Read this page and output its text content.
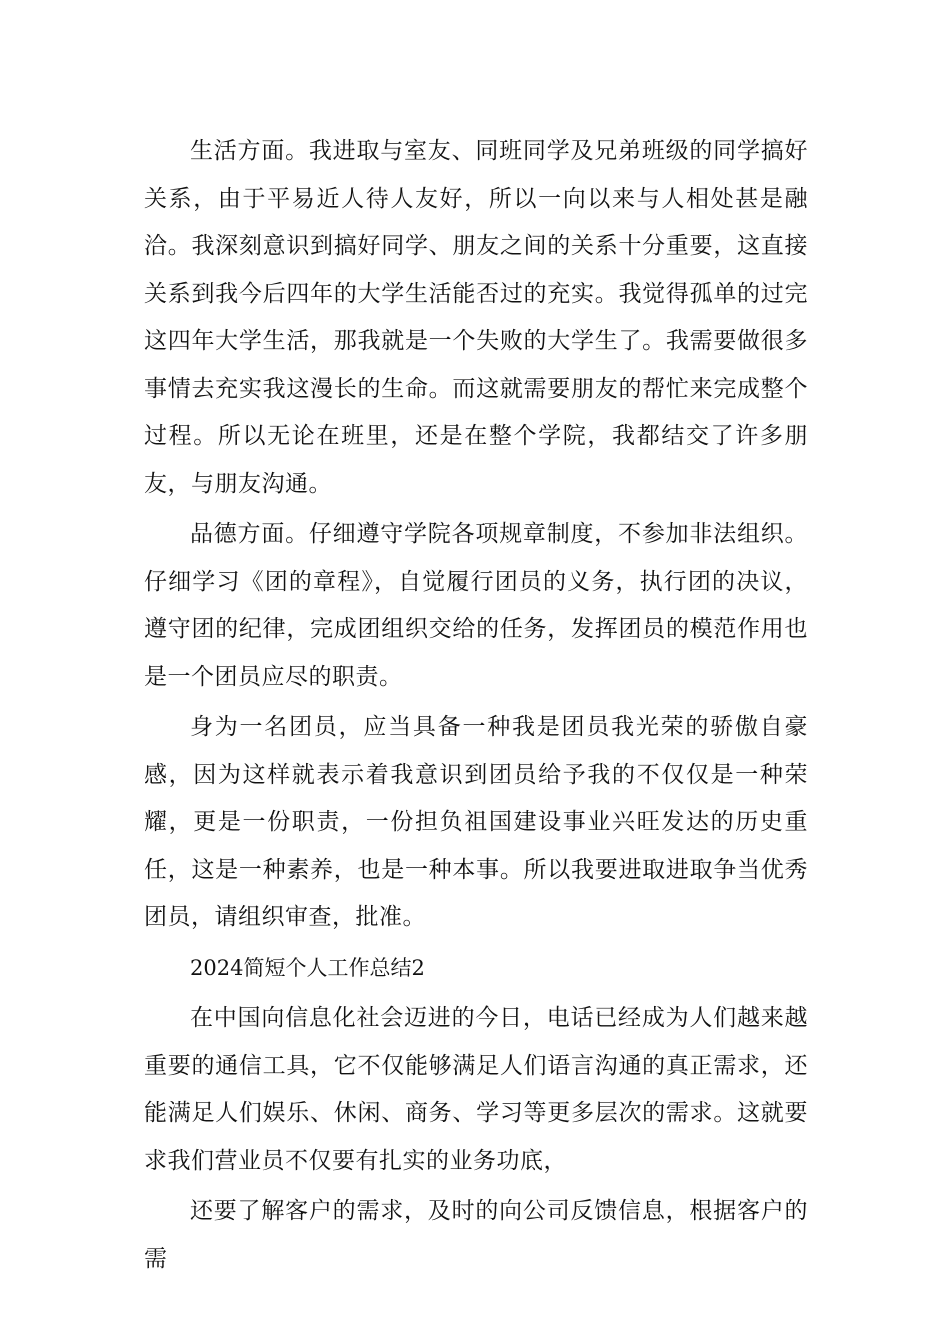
生活方面。我进取与室友、同班同学及兄弟班级的同学搞好关系，由于平易近人待人友好，所以一向以来与人相处甚是融洽。我深刻意识到搞好同学、朋友之间的关系十分重要，这直接关系到我今后四年的大学生活能否过的充实。我觉得孤单的过完这四年大学生活，那我就是一个失败的大学生了。我需要做很多事情去充实我这漫长的生命。而这就需要朋友的帮忙来完成整个过程。所以无论在班里，还是在整个学院，我都结交了许多朋友，与朋友沟通。

品德方面。仔细遵守学院各项规章制度，不参加非法组织。仔细学习《团的章程》，自觉履行团员的义务，执行团的决议，遵守团的纪律，完成团组织交给的任务，发挥团员的模范作用也是一个团员应尽的职责。

身为一名团员，应当具备一种我是团员我光荣的骄傲自豪感，因为这样就表示着我意识到团员给予我的不仅仅是一种荣耀，更是一份职责，一份担负祖国建设事业兴旺发达的历史重任，这是一种素养，也是一种本事。所以我要进取进取争当优秀团员，请组织审查，批准。

2024简短个人工作总结2

在中国向信息化社会迈进的今日，电话已经成为人们越来越重要的通信工具，它不仅能够满足人们语言沟通的真正需求，还能满足人们娱乐、休闲、商务、学习等更多层次的需求。这就要求我们营业员不仅要有扎实的业务功底，

还要了解客户的需求，及时的向公司反馈信息，根据客户的需
